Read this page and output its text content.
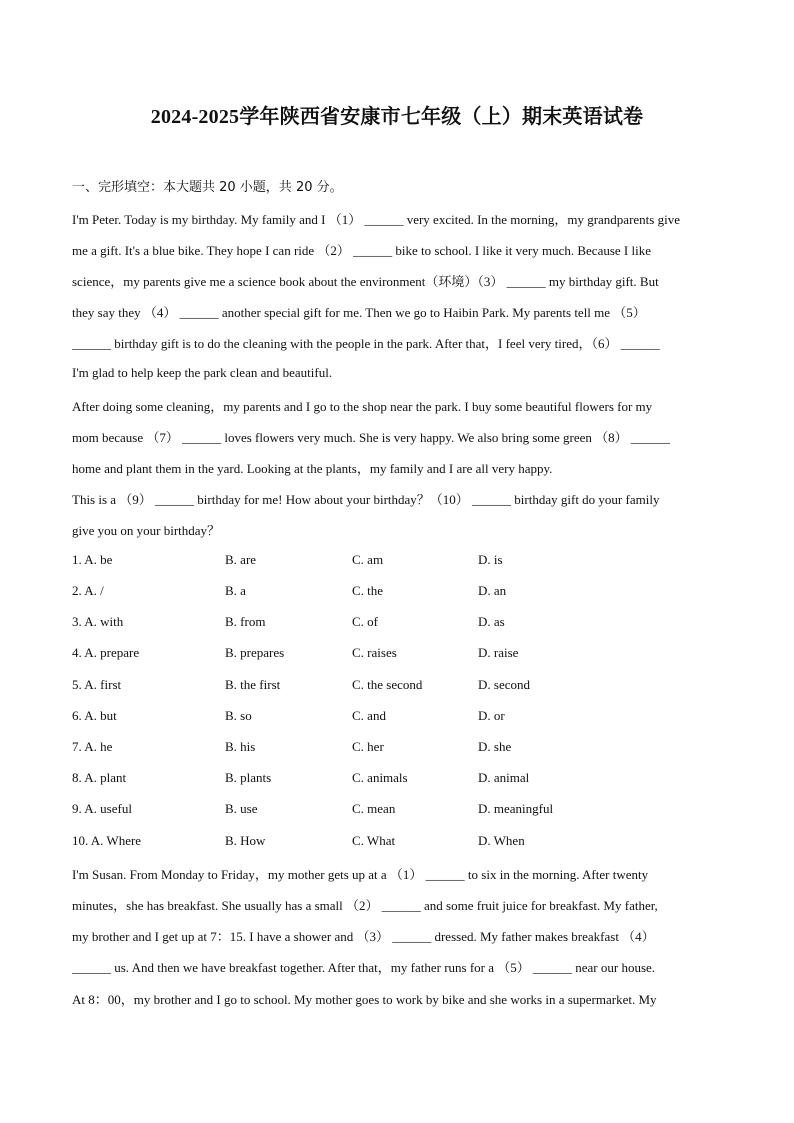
2024-2025学年陕西省安康市七年级（上）期末英语试卷
一、完形填空：本大题共 20 小题，共 20 分。
I'm Peter. Today is my birthday. My family and I （1） ______ very excited. In the morning，my grandparents give
me a gift. It's a blue bike. They hope I can ride （2） ______ bike to school. I like it very much. Because I like
science，my parents give me a science book about the environment（环境）（3） ______ my birthday gift. But
they say they （4） ______ another special gift for me. Then we go to Haibin Park. My parents tell me （5）
______ birthday gift is to do the cleaning with the people in the park. After that，I feel very tired，（6） ______
I'm glad to help keep the park clean and beautiful.
After doing some cleaning，my parents and I go to the shop near the park. I buy some beautiful flowers for my
mom because （7） ______ loves flowers very much. She is very happy. We also bring some green （8） ______
home and plant them in the yard. Looking at the plants，my family and I are all very happy.
This is a （9） ______ birthday for me! How about your birthday？（10） ______ birthday gift do your family
give you on your birthday？
1. A. be	B. are	C. am	D. is
2. A. /	B. a	C. the	D. an
3. A. with	B. from	C. of	D. as
4. A. prepare	B. prepares	C. raises	D. raise
5. A. first	B. the first	C. the second	D. second
6. A. but	B. so	C. and	D. or
7. A. he	B. his	C. her	D. she
8. A. plant	B. plants	C. animals	D. animal
9. A. useful	B. use	C. mean	D. meaningful
10. A. Where	B. How	C. What	D. When
I'm Susan. From Monday to Friday，my mother gets up at a （1） ______ to six in the morning. After twenty
minutes，she has breakfast. She usually has a small （2） ______ and some fruit juice for breakfast. My father,
my brother and I get up at 7：15. I have a shower and （3） ______ dressed. My father makes breakfast （4）
______ us. And then we have breakfast together. After that，my father runs for a （5） ______ near our house.
At 8：00，my brother and I go to school. My mother goes to work by bike and she works in a supermarket. My
